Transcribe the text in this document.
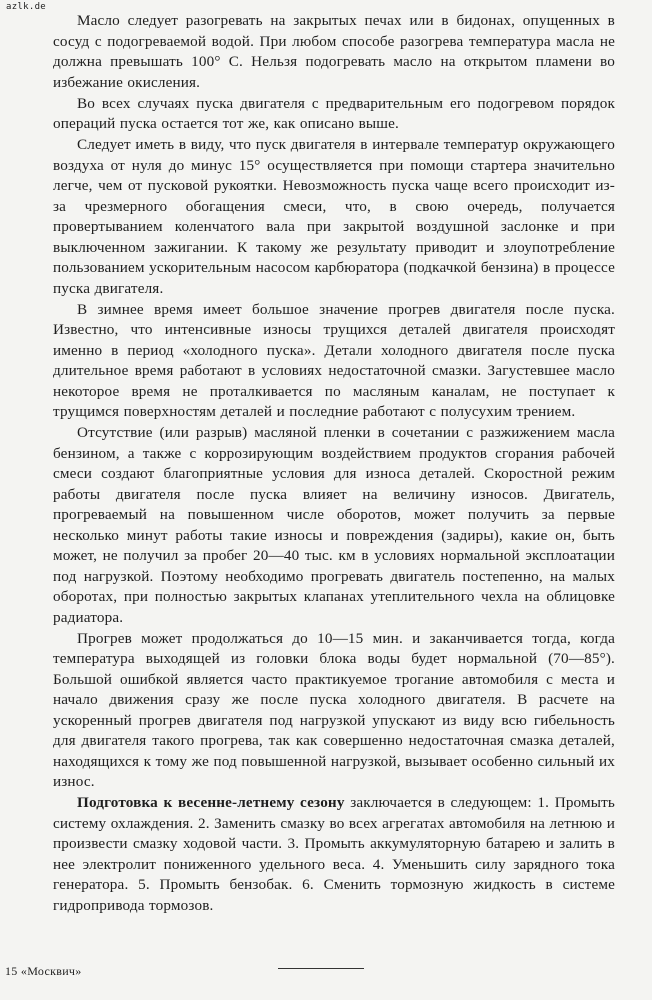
azlk.de

Масло следует разогревать на закрытых печах или в бидонах, опущенных в сосуд с подогреваемой водой. При любом способе разогрева температура масла не должна превышать 100° С. Нельзя подогревать масло на открытом пламени во избежание окисления.

Во всех случаях пуска двигателя с предварительным его подогревом порядок операций пуска остается тот же, как описано выше.

Следует иметь в виду, что пуск двигателя в интервале температур окружающего воздуха от нуля до минус 15° осуществляется при помощи стартера значительно легче, чем от пусковой рукоятки. Невозможность пуска чаще всего происходит из-за чрезмерного обогащения смеси, что, в свою очередь, получается провертыванием коленчатого вала при закрытой воздушной заслонке и при выключенном зажигании. К такому же результату приводит и злоупотребление пользованием ускорительным насосом карбюратора (подкачкой бензина) в процессе пуска двигателя.

В зимнее время имеет большое значение прогрев двигателя после пуска. Известно, что интенсивные износы трущихся деталей двигателя происходят именно в период «холодного пуска». Детали холодного двигателя после пуска длительное время работают в условиях недостаточной смазки. Загустевшее масло некоторое время не проталкивается по масляным каналам, не поступает к трущимся поверхностям деталей и последние работают с полусухим трением.

Отсутствие (или разрыв) масляной пленки в сочетании с разжижением масла бензином, а также с коррозирующим воздействием продуктов сгорания рабочей смеси создают благоприятные условия для износа деталей. Скоростной режим работы двигателя после пуска влияет на величину износов. Двигатель, прогреваемый на повышенном числе оборотов, может получить за первые несколько минут работы такие износы и повреждения (задиры), какие он, быть может, не получил за пробег 20—40 тыс. км в условиях нормальной эксплоатации под нагрузкой. Поэтому необходимо прогревать двигатель постепенно, на малых оборотах, при полностью закрытых клапанах утеплительного чехла на облицовке радиатора.

Прогрев может продолжаться до 10—15 мин. и заканчивается тогда, когда температура выходящей из головки блока воды будет нормальной (70—85°). Большой ошибкой является часто практикуемое трогание автомобиля с места и начало движения сразу же после пуска холодного двигателя. В расчете на ускоренный прогрев двигателя под нагрузкой упускают из виду всю гибельность для двигателя такого прогрева, так как совершенно недостаточная смазка деталей, находящихся к тому же под повышенной нагрузкой, вызывает особенно сильный их износ.

Подготовка к весенне-летнему сезону заключается в следующем: 1. Промыть систему охлаждения. 2. Заменить смазку во всех агрегатах автомобиля на летнюю и произвести смазку ходовой части. 3. Промыть аккумуляторную батарею и залить в нее электролит пониженного удельного веса. 4. Уменьшить силу зарядного тока генератора. 5. Промыть бензобак. 6. Сменить тормозную жидкость в системе гидропривода тормозов.

15 «Москвич»
